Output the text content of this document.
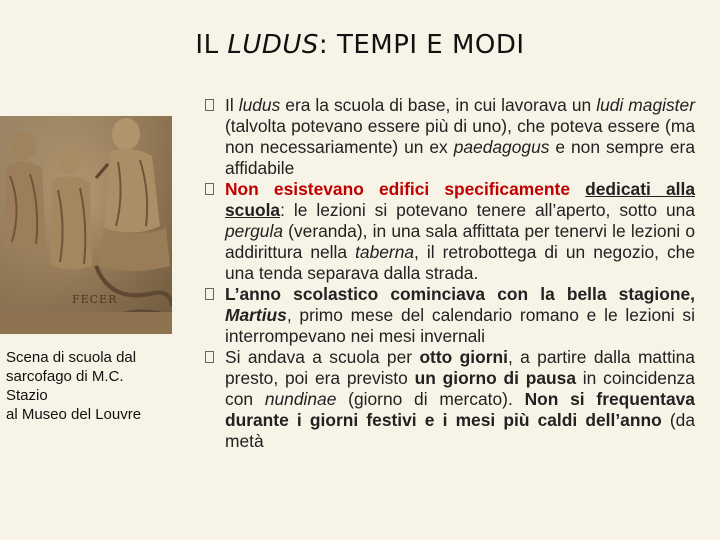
IL LUDUS: TEMPI E MODI
FECER
Scena di scuola dal
sarcofago di M.C.
Stazio
al Museo del Louvre
Il ludus era la scuola di base, in cui lavorava un ludi magister (talvolta potevano essere più di uno), che poteva essere (ma non necessariamente) un ex paedagogus e non sempre era affidabile
Non esistevano edifici specificamente dedicati alla scuola: le lezioni si potevano tenere all’aperto, sotto una pergula (veranda), in una sala affittata per tenervi le lezioni o addirittura nella taberna, il retrobottega di un negozio, che una tenda separava dalla strada.
L’anno scolastico cominciava con la bella stagione, Martius, primo mese del calendario romano e le lezioni si interrompevano nei mesi invernali
Si andava a scuola per otto giorni, a partire dalla mattina presto, poi era previsto un giorno di pausa in coincidenza con nundinae (giorno di mercato). Non si frequentava durante i giorni festivi e i mesi più caldi dell’anno (da metà
